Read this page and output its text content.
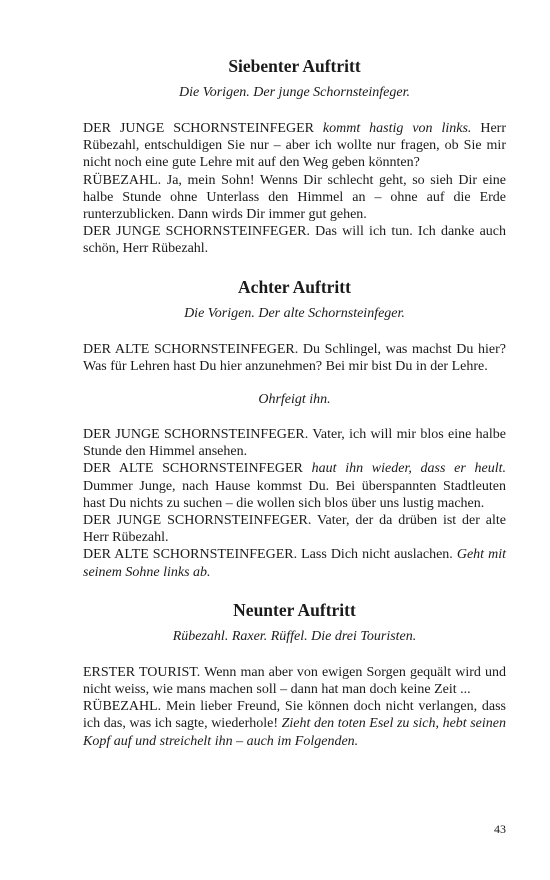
Siebenter Auftritt

Die Vorigen. Der junge Schornsteinfeger.

DER JUNGE SCHORNSTEINFEGER kommt hastig von links. Herr Rübezahl, entschuldigen Sie nur – aber ich wollte nur fragen, ob Sie mir nicht noch eine gute Lehre mit auf den Weg geben könnten?

RÜBEZAHL. Ja, mein Sohn! Wenns Dir schlecht geht, so sieh Dir eine halbe Stunde ohne Unterlass den Himmel an – ohne auf die Erde runterzublicken. Dann wirds Dir immer gut gehen.

DER JUNGE SCHORNSTEINFEGER. Das will ich tun. Ich danke auch schön, Herr Rübezahl.

Achter Auftritt

Die Vorigen. Der alte Schornsteinfeger.

DER ALTE SCHORNSTEINFEGER. Du Schlingel, was machst Du hier? Was für Lehren hast Du hier anzunehmen? Bei mir bist Du in der Lehre.

Ohrfeigt ihn.

DER JUNGE SCHORNSTEINFEGER. Vater, ich will mir blos eine halbe Stunde den Himmel ansehen.

DER ALTE SCHORNSTEINFEGER haut ihn wieder, dass er heult. Dummer Junge, nach Hause kommst Du. Bei überspannten Stadtleuten hast Du nichts zu suchen – die wollen sich blos über uns lustig machen.

DER JUNGE SCHORNSTEINFEGER. Vater, der da drüben ist der alte Herr Rübezahl.

DER ALTE SCHORNSTEINFEGER. Lass Dich nicht auslachen. Geht mit seinem Sohne links ab.

Neunter Auftritt

Rübezahl. Raxer. Rüffel. Die drei Touristen.

ERSTER TOURIST. Wenn man aber von ewigen Sorgen gequält wird und nicht weiss, wie mans machen soll – dann hat man doch keine Zeit ...

RÜBEZAHL. Mein lieber Freund, Sie können doch nicht verlangen, dass ich das, was ich sagte, wiederhole! Zieht den toten Esel zu sich, hebt seinen Kopf auf und streichelt ihn – auch im Folgenden.

43
